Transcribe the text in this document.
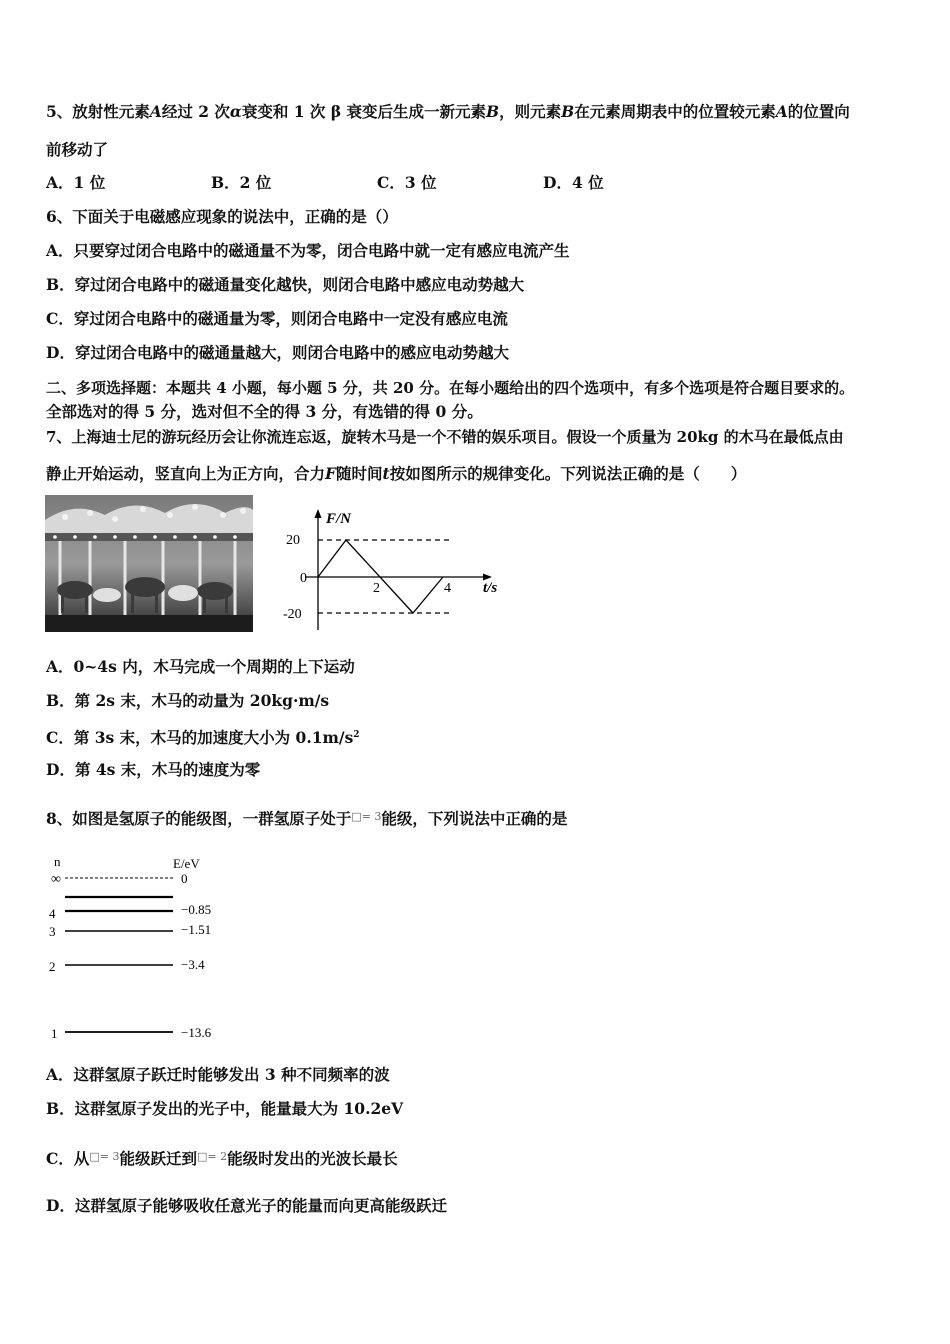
5、放射性元素A经过 2 次α衰变和 1 次 β 衰变后生成一新元素B，则元素B在元素周期表中的位置较元素A的位置向
前移动了
A．1 位	B．2 位	C．3 位	D．4 位
6、下面关于电磁感应现象的说法中，正确的是（）
A．只要穿过闭合电路中的磁通量不为零，闭合电路中就一定有感应电流产生
B．穿过闭合电路中的磁通量变化越快，则闭合电路中感应电动势越大
C．穿过闭合电路中的磁通量为零，则闭合电路中一定没有感应电流
D．穿过闭合电路中的磁通量越大，则闭合电路中的感应电动势越大
二、多项选择题：本题共 4 小题，每小题 5 分，共 20 分。在每小题给出的四个选项中，有多个选项是符合题目要求的。
全部选对的得 5 分，选对但不全的得 3 分，有选错的得 0 分。
7、上海迪士尼的游玩经历会让你流连忘返，旋转木马是一个不错的娱乐项目。假设一个质量为 20kg 的木马在最低点由
静止开始运动，竖直向上为正方向，合力F随时间t按如图所示的规律变化。下列说法正确的是（　　）
F/N
t/s
20
0
-20
2	4
A．0~4s 内，木马完成一个周期的上下运动
B．第 2s 末，木马的动量为 20kg·m/s
C．第 3s 末，木马的加速度大小为 $0.1m/s^2$
D．第 4s 末，木马的速度为零
8、如图是氢原子的能级图，一群氢原子处于$^{□= 3}$能级，下列说法中正确的是
n	E/eV
∞	0
4	−0.85
3	−1.51
2	−3.4
1	−13.6
A．这群氢原子跃迁时能够发出 3 种不同频率的波
B．这群氢原子发出的光子中，能量最大为 10.2eV
C．从$^{□= 3}$能级跃迁到$^{□= 2}$能级时发出的光波长最长
D．这群氢原子能够吸收任意光子的能量而向更高能级跃迁
